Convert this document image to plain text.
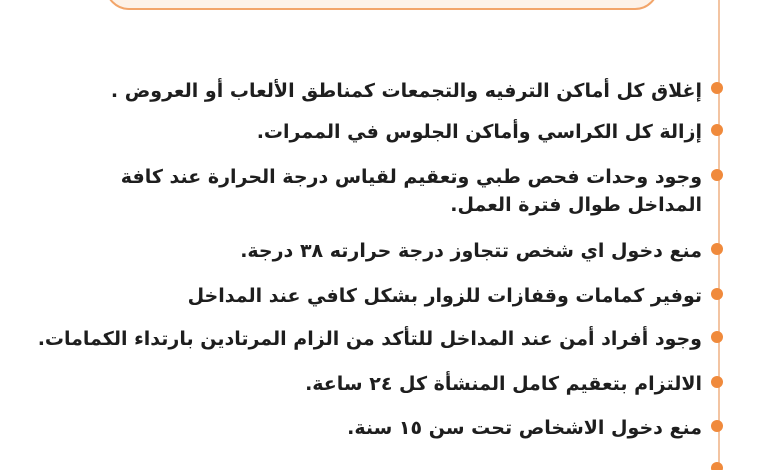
إغلاق كل أماكن الترفيه والتجمعات كمناطق الألعاب أو العروض .
إزالة كل الكراسي وأماكن الجلوس في الممرات.
وجود وحدات فحص طبي وتعقيم لقياس درجة الحرارة عند كافة المداخل طوال فترة العمل.
منع دخول اي شخص تتجاوز درجة حرارته ٣٨ درجة.
توفير كمامات وقفازات للزوار بشكل كافي عند المداخل
وجود أفراد أمن عند المداخل للتأكد من الزام المرتادين بارتداء الكمامات.
الالتزام بتعقيم كامل المنشأة كل ٢٤ ساعة.
منع دخول الاشخاص تحت سن ١٥ سنة.
